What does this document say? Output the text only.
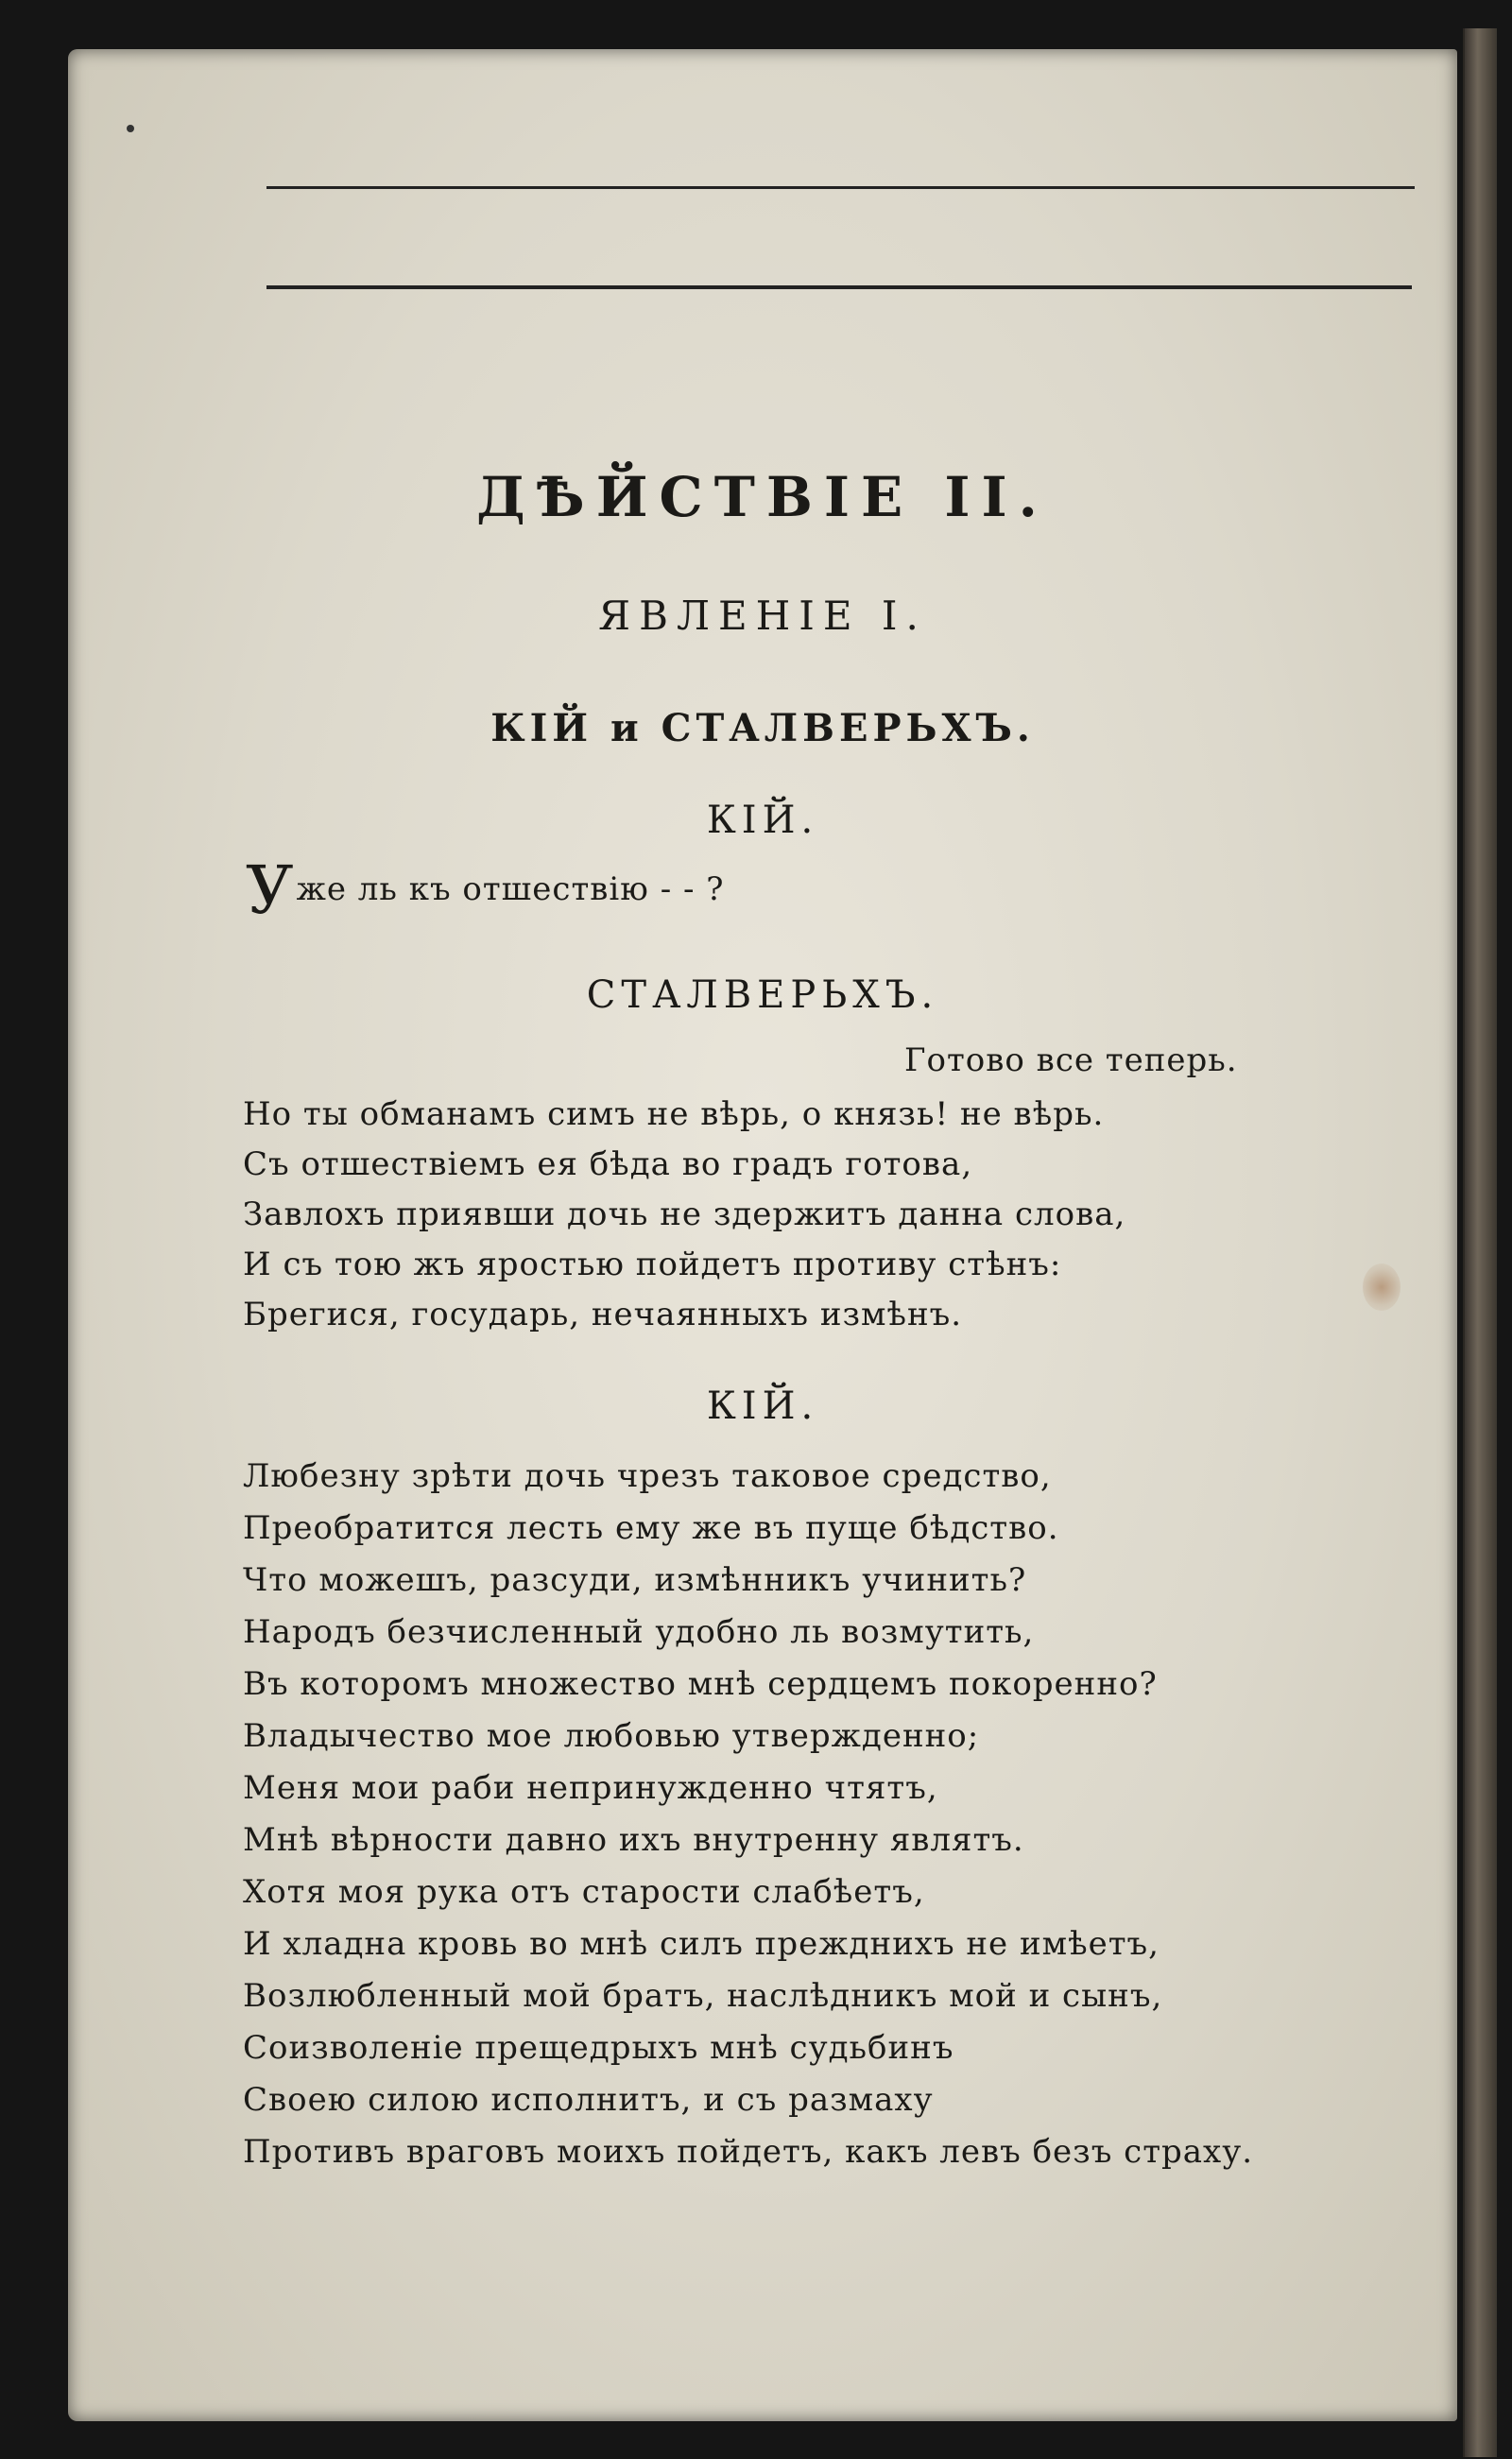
ДѢЙСТВІЕ II.
ЯВЛЕНІЕ I.
КІЙ и СТАЛВЕРЬХЪ.
КІЙ.
Уже ль къ отшествію - - ?
СТАЛВЕРЬХЪ.
Готово все теперь.
Но ты обманамъ симъ не вѣрь, о князь! не вѣрь.
Съ отшествіемъ ея бѣда во градъ готова,
Завлохъ приявши дочь не здержитъ данна слова,
И съ тою жъ яростью пойдетъ противу стѣнъ:
Брегися, государь, нечаянныхъ измѣнъ.
КІЙ.
Любезну зрѣти дочь чрезъ таковое средство,
Преобратится лесть ему же въ пуще бѣдство.
Что можешъ, разсуди, измѣнникъ учинить?
Народъ безчисленный удобно ль возмутить,
Въ которомъ множество мнѣ сердцемъ покоренно?
Владычество мое любовью утвержденно;
Меня мои раби непринужденно чтятъ,
Мнѣ вѣрности давно ихъ внутренну являтъ.
Хотя моя рука отъ старости слабѣетъ,
И хладна кровь во мнѣ силъ прежднихъ не имѣетъ,
Возлюбленный мой братъ, наслѣдникъ мой и сынъ,
Соизволеніе прещедрыхъ мнѣ судьбинъ
Своею силою исполнитъ, и съ размаху
Противъ враговъ моихъ пойдетъ, какъ левъ безъ страху.
